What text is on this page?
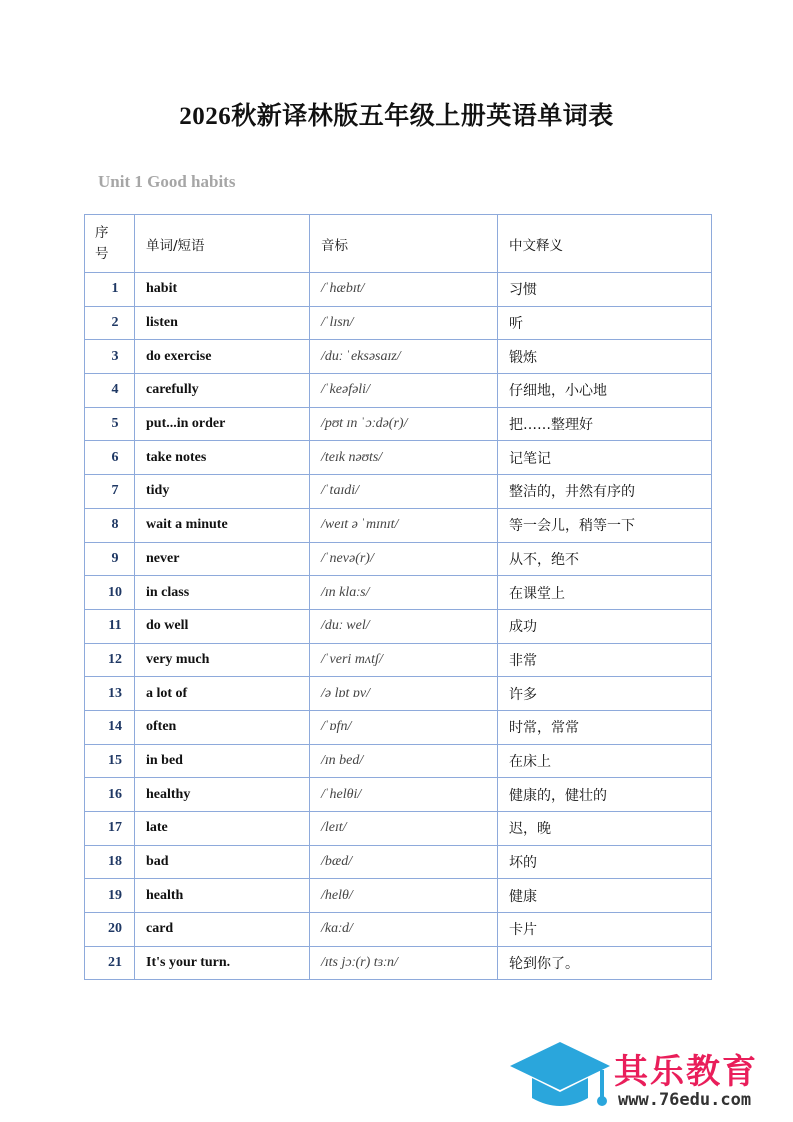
2026秋新译林版五年级上册英语单词表
Unit 1 Good habits
序
号	单词/短语	音标	中文释义
1	habit	/ˈhæbɪt/	习惯
2	listen	/ˈlɪsn/	听
3	do exercise	/duː ˈeksəsaɪz/	锻炼
4	carefully	/ˈkeəfəli/	仔细地，小心地
5	put...in order	/pʊt ɪn ˈɔːdə(r)/	把……整理好
6	take notes	/teɪk nəʊts/	记笔记
7	tidy	/ˈtaɪdi/	整洁的，井然有序的
8	wait a minute	/weɪt ə ˈmɪnɪt/	等一会儿，稍等一下
9	never	/ˈnevə(r)/	从不，绝不
10	in class	/ɪn klɑːs/	在课堂上
11	do well	/duː wel/	成功
12	very much	/ˈveri mʌtʃ/	非常
13	a lot of	/ə lɒt ɒv/	许多
14	often	/ˈɒfn/	时常，常常
15	in bed	/ɪn bed/	在床上
16	healthy	/ˈhelθi/	健康的，健壮的
17	late	/leɪt/	迟，晚
18	bad	/bæd/	坏的
19	health	/helθ/	健康
20	card	/kɑːd/	卡片
21	It's your turn.	/ɪts jɔː(r) tɜːn/	轮到你了。
其乐教育
www.76edu.com
